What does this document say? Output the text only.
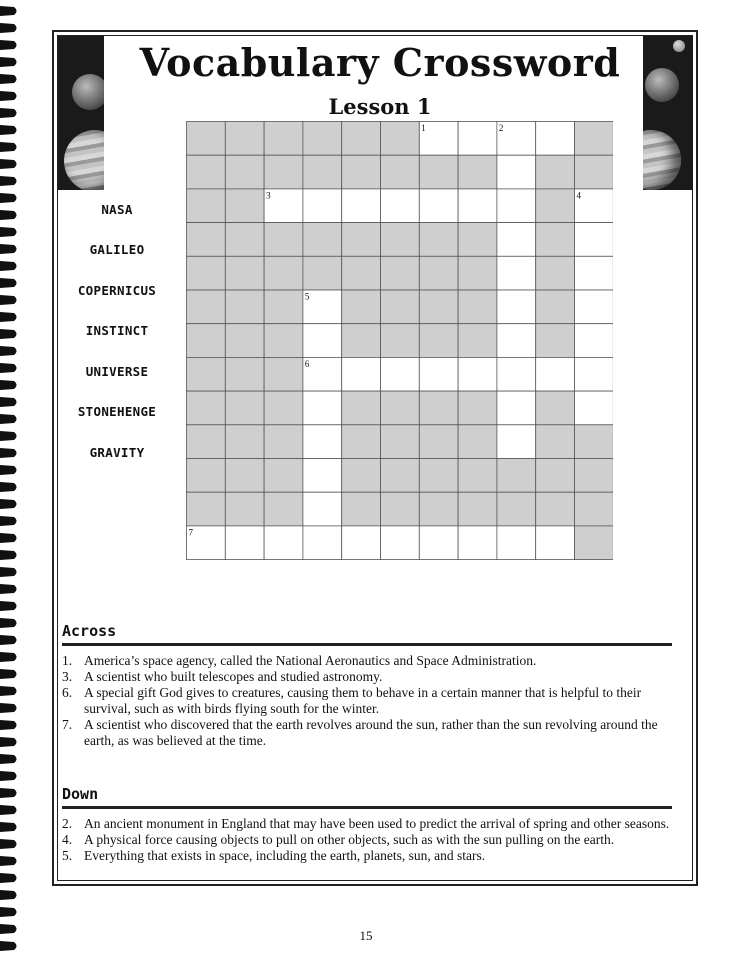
Vocabulary Crossword
Lesson 1
1	2
3	4
5
6
7
NASA
GALILEO
COPERNICUS
INSTINCT
UNIVERSE
STONEHENGE
GRAVITY
Across
1. America’s space agency, called the National Aeronautics and Space Administration.
3. A scientist who built telescopes and studied astronomy.
6. A special gift God gives to creatures, causing them to behave in a certain manner that is helpful to their survival, such as with birds flying south for the winter.
7. A scientist who discovered that the earth revolves around the sun, rather than the sun revolving around the earth, as was believed at the time.
Down
2. An ancient monument in England that may have been used to predict the arrival of spring and other seasons.
4. A physical force causing objects to pull on other objects, such as with the sun pulling on the earth.
5. Everything that exists in space, including the earth, planets, sun, and stars.
15
